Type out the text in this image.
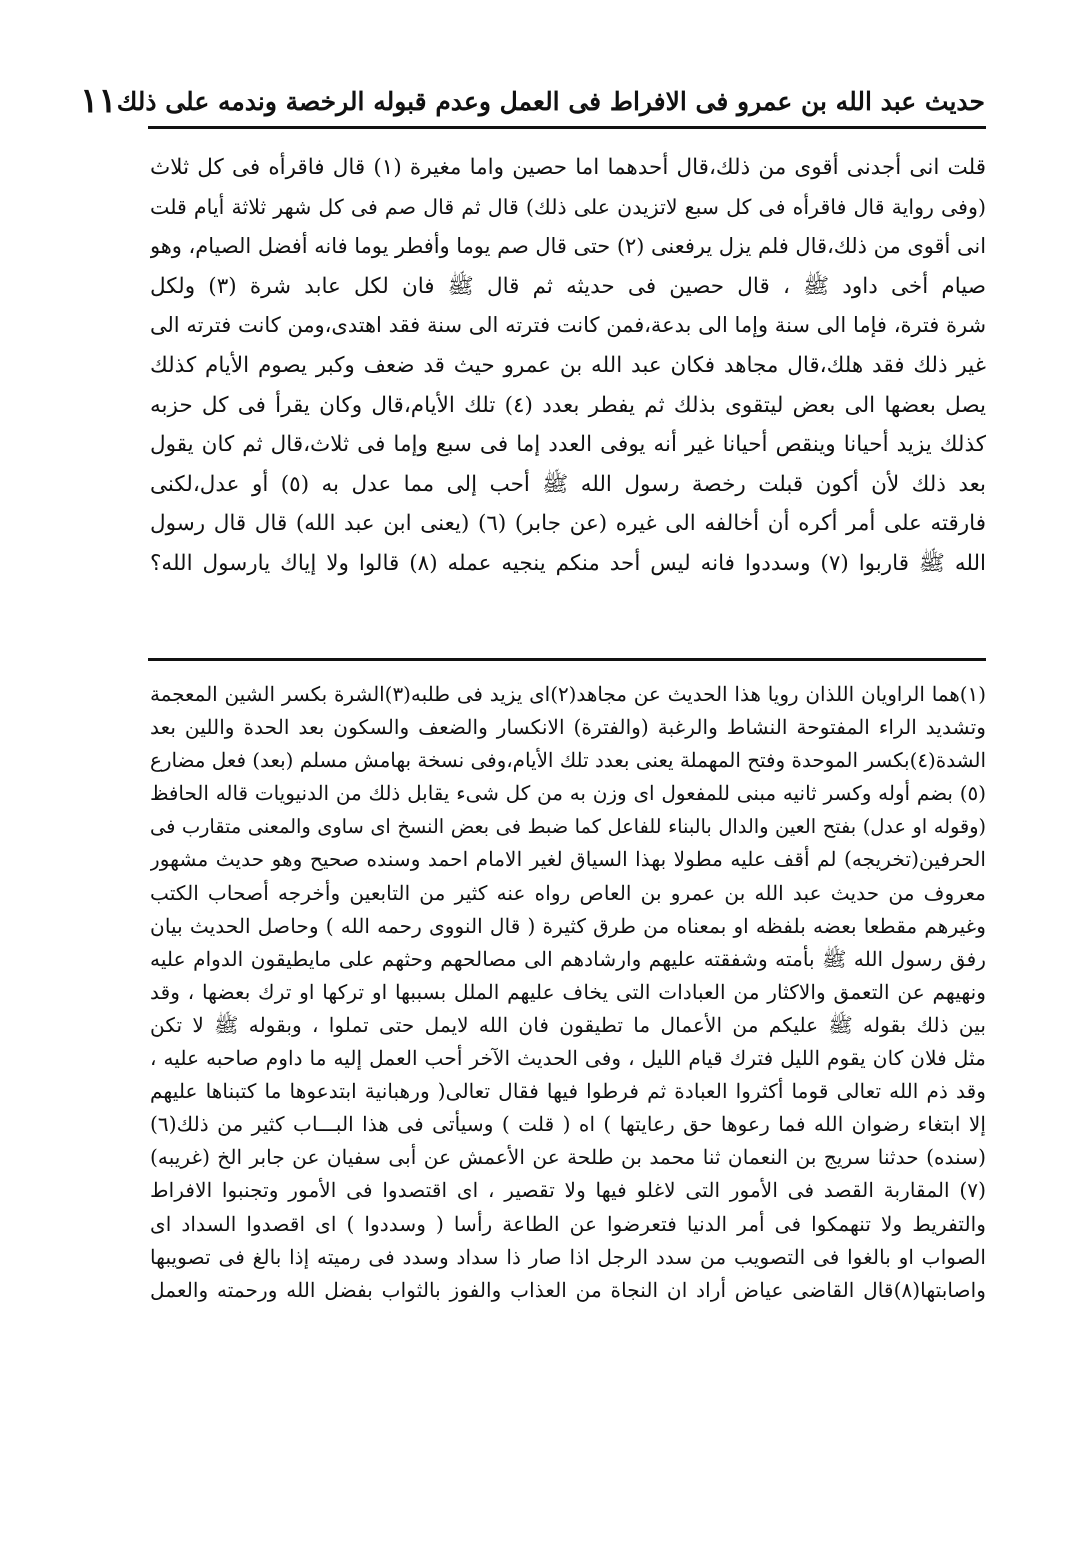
حديث عبد الله بن عمرو فى الافراط فى العمل وعدم قبوله الرخصة وندمه على ذلك
١١
قلت انى أجدنى أقوى من ذلك،قال أحدهما اما حصين واما مغيرة (١) قال فاقرأه فى كل ثلاث
(وفى رواية قال فاقرأه فى كل سبع لاتزيدن على ذلك) قال ثم قال صم فى كل شهر ثلاثة أيام قلت
انى أقوى من ذلك،قال فلم يزل يرفعنى (٢) حتى قال صم يوما وأفطر يوما فانه أفضل الصيام، وهو
صيام أخى داود ﷺ ، قال حصين فى حديثه ثم قال ﷺ فان لكل عابد شرة (٣) ولكل
شرة فترة، فإما الى سنة وإما الى بدعة،فمن كانت فترته الى سنة فقد اهتدى،ومن كانت فترته الى
غير ذلك فقد هلك،قال مجاهد فكان عبد الله بن عمرو حيث قد ضعف وكبر يصوم الأيام كذلك
يصل بعضها الى بعض ليتقوى بذلك ثم يفطر بعدد (٤) تلك الأيام،قال وكان يقرأ فى كل حزبه
كذلك يزيد أحيانا وينقص أحيانا غير أنه يوفى العدد إما فى سبع وإما فى ثلاث،قال ثم كان يقول
بعد ذلك لأن أكون قبلت رخصة رسول الله ﷺ أحب إلى مما عدل به (٥) أو عدل،لكنى
فارقته على أمر أكره أن أخالفه الى غيره (عن جابر) (٦) (يعنى ابن عبد الله) قال قال رسول
الله ﷺ قاربوا (٧) وسددوا فانه ليس أحد منكم ينجيه عمله (٨) قالوا ولا إياك يارسول الله؟
(١)هما الراويان اللذان رويا هذا الحديث عن مجاهد(٢)اى يزيد فى طلبه(٣)الشرة بكسر الشين المعجمة
وتشديد الراء المفتوحة النشاط والرغبة (والفترة) الانكسار والضعف والسكون بعد الحدة واللين بعد
الشدة(٤)بكسر الموحدة وفتح المهملة يعنى بعدد تلك الأيام،وفى نسخة بهامش مسلم (بعد) فعل مضارع
(٥) بضم أوله وكسر ثانيه مبنى للمفعول اى وزن به من كل شىء يقابل ذلك من الدنيويات قاله الحافظ
(وقوله او عدل) بفتح العين والدال بالبناء للفاعل كما ضبط فى بعض النسخ اى ساوى والمعنى متقارب فى
الحرفين(تخريجه) لم أقف عليه مطولا بهذا السياق لغير الامام احمد وسنده صحيح وهو حديث مشهور
معروف من حديث عبد الله بن عمرو بن العاص رواه عنه كثير من التابعين وأخرجه أصحاب الكتب
وغيرهم مقطعا بعضه بلفظه او بمعناه من طرق كثيرة ( قال النووى رحمه الله ) وحاصل الحديث بيان
رفق رسول الله ﷺ بأمته وشفقته عليهم وارشادهم الى مصالحهم وحثهم على مايطيقون الدوام عليه
ونهيهم عن التعمق والاكثار من العبادات التى يخاف عليهم الملل بسببها او تركها او ترك بعضها ، وقد
بين ذلك بقوله ﷺ عليكم من الأعمال ما تطيقون فان الله لايمل حتى تملوا ، وبقوله ﷺ لا تكن
مثل فلان كان يقوم الليل فترك قيام الليل ، وفى الحديث الآخر أحب العمل إليه ما داوم صاحبه عليه ،
وقد ذم الله تعالى قوما أكثروا العبادة ثم فرطوا فيها فقال تعالى( ورهبانية ابتدعوها ما كتبناها عليهم
إلا ابتغاء رضوان الله فما رعوها حق رعايتها ) اه ( قلت ) وسيأتى فى هذا البـــاب كثير من ذلك(٦)
(سنده) حدثنا سريج بن النعمان ثنا محمد بن طلحة عن الأعمش عن أبى سفيان عن جابر الخ (غريبه)
(٧) المقاربة القصد فى الأمور التى لاغلو فيها ولا تقصير ، اى اقتصدوا فى الأمور وتجنبوا الافراط
والتفريط ولا تنهمكوا فى أمر الدنيا فتعرضوا عن الطاعة رأسا ( وسددوا ) اى اقصدوا السداد اى
الصواب او بالغوا فى التصويب من سدد الرجل اذا صار ذا سداد وسدد فى رميته إذا بالغ فى تصويبها
واصابتها(٨)قال القاضى عياض أراد ان النجاة من العذاب والفوز بالثواب بفضل الله ورحمته والعمل
